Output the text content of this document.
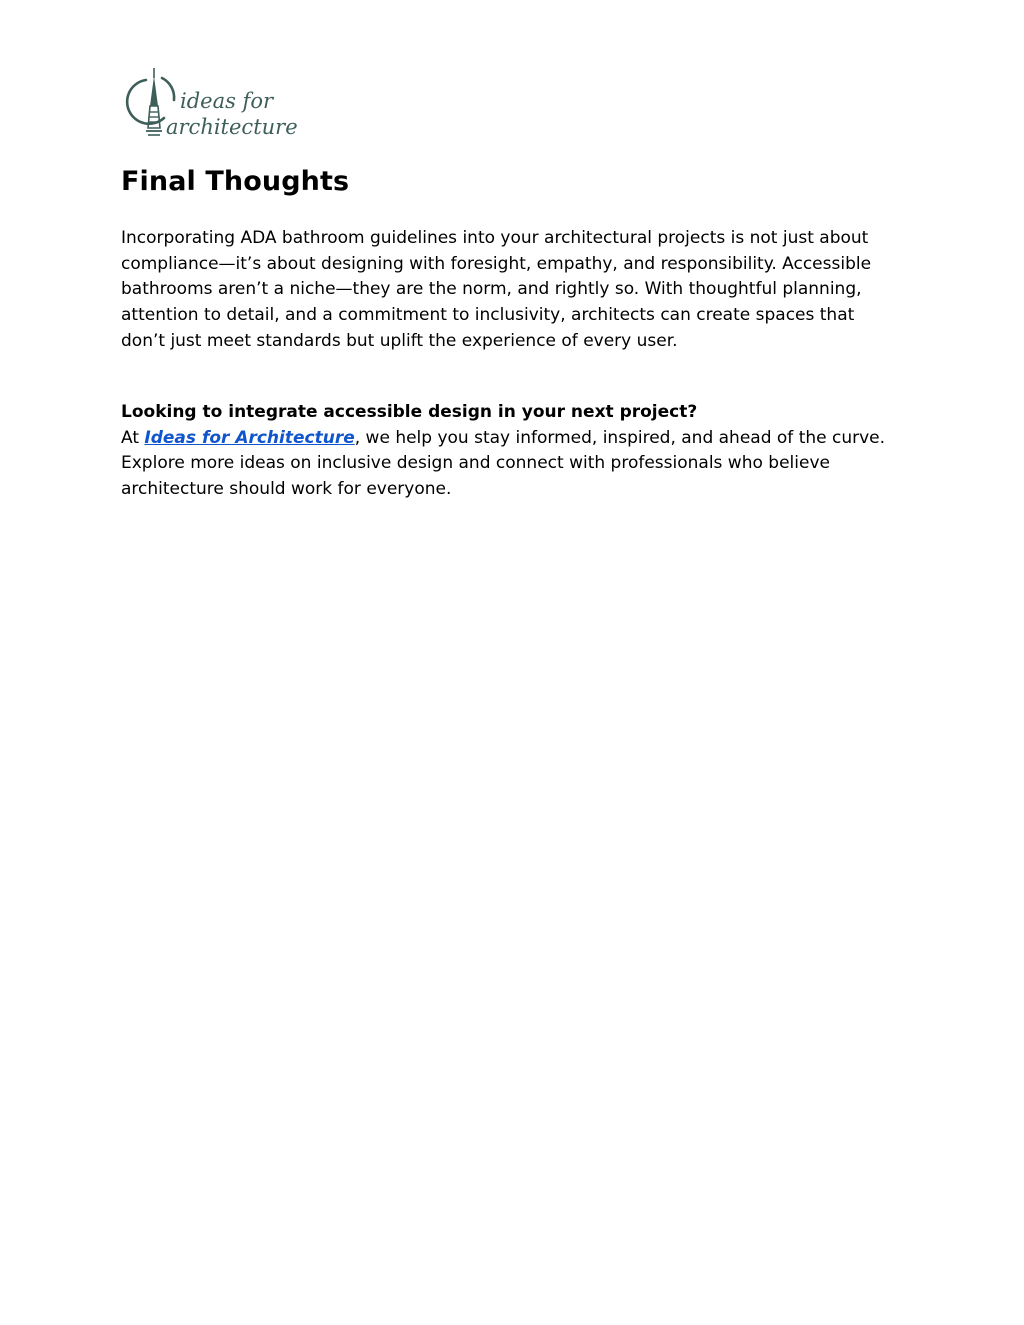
ideas for
architecture
Final Thoughts

Incorporating ADA bathroom guidelines into your architectural projects is not just about compliance—it’s about designing with foresight, empathy, and responsibility. Accessible bathrooms aren’t a niche—they are the norm, and rightly so. With thoughtful planning, attention to detail, and a commitment to inclusivity, architects can create spaces that don’t just meet standards but uplift the experience of every user.

Looking to integrate accessible design in your next project?
At Ideas for Architecture, we help you stay informed, inspired, and ahead of the curve. Explore more ideas on inclusive design and connect with professionals who believe architecture should work for everyone.
